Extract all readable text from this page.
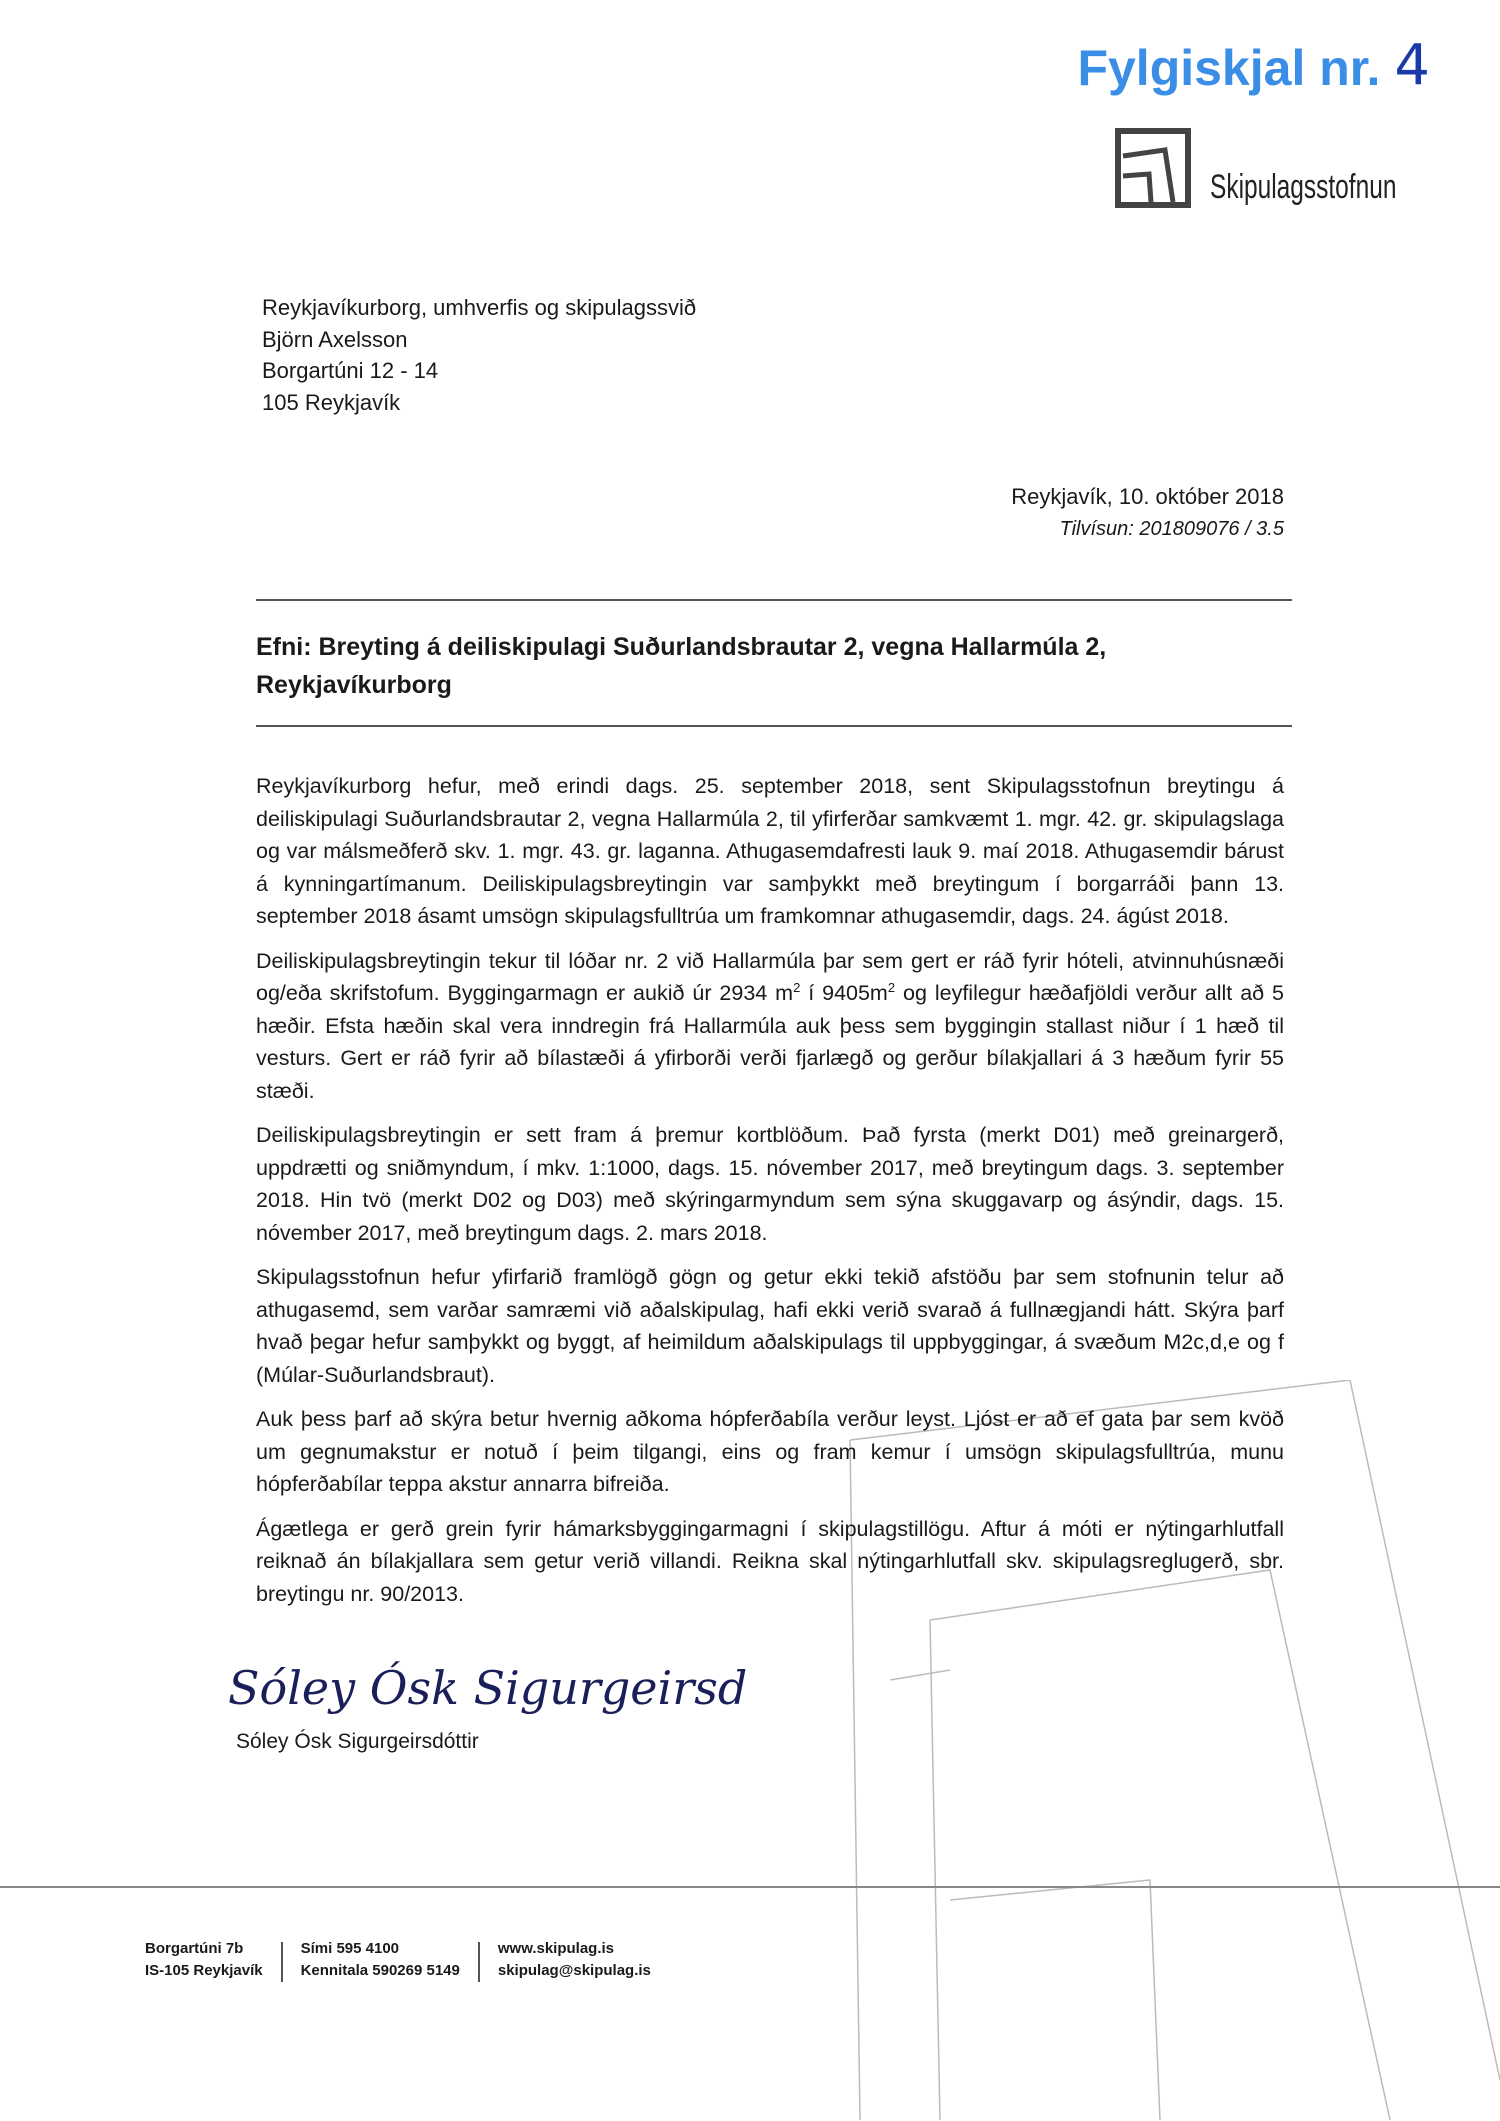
Fylgiskjal nr. 4
Skipulagsstofnun
Reykjavíkurborg, umhverfis og skipulagssvið
Björn Axelsson
Borgartúni 12 - 14
105 Reykjavík
Reykjavík, 10. október 2018
Tilvísun: 201809076 / 3.5
Efni: Breyting á deiliskipulagi Suðurlandsbrautar 2, vegna Hallarmúla 2, Reykjavíkurborg

Reykjavíkurborg hefur, með erindi dags. 25. september 2018, sent Skipulagsstofnun breytingu á deiliskipulagi Suðurlandsbrautar 2, vegna Hallarmúla 2, til yfirferðar samkvæmt 1. mgr. 42. gr. skipulagslaga og var málsmeðferð skv. 1. mgr. 43. gr. laganna. Athugasemdafresti lauk 9. maí 2018. Athugasemdir bárust á kynningartímanum. Deiliskipulagsbreytingin var samþykkt með breytingum í borgarráði þann 13. september 2018 ásamt umsögn skipulagsfulltrúa um framkomnar athugasemdir, dags. 24. ágúst 2018.

Deiliskipulagsbreytingin tekur til lóðar nr. 2 við Hallarmúla þar sem gert er ráð fyrir hóteli, atvinnuhúsnæði og/eða skrifstofum. Byggingarmagn er aukið úr 2934 $m^2$ í $9405m^2$ og leyfilegur hæðafjöldi verður allt að 5 hæðir. Efsta hæðin skal vera inndregin frá Hallarmúla auk þess sem byggingin stallast niður í 1 hæð til vesturs. Gert er ráð fyrir að bílastæði á yfirborði verði fjarlægð og gerður bílakjallari á 3 hæðum fyrir 55 stæði.

Deiliskipulagsbreytingin er sett fram á þremur kortblöðum. Það fyrsta (merkt D01) með greinargerð, uppdrætti og sniðmyndum, í mkv. 1:1000, dags. 15. nóvember 2017, með breytingum dags. 3. september 2018. Hin tvö (merkt D02 og D03) með skýringarmyndum sem sýna skuggavarp og ásýndir, dags. 15. nóvember 2017, með breytingum dags. 2. mars 2018.

Skipulagsstofnun hefur yfirfarið framlögð gögn og getur ekki tekið afstöðu þar sem stofnunin telur að athugasemd, sem varðar samræmi við aðalskipulag, hafi ekki verið svarað á fullnægjandi hátt. Skýra þarf hvað þegar hefur samþykkt og byggt, af heimildum aðalskipulags til uppbyggingar, á svæðum M2c,d,e og f (Múlar-Suðurlandsbraut).

Auk þess þarf að skýra betur hvernig aðkoma hópferðabíla verður leyst. Ljóst er að ef gata þar sem kvöð um gegnumakstur er notuð í þeim tilgangi, eins og fram kemur í umsögn skipulagsfulltrúa, munu hópferðabílar teppa akstur annarra bifreiða.

Ágætlega er gerð grein fyrir hámarksbyggingarmagni í skipulagstillögu. Aftur á móti er nýtingarhlutfall reiknað án bílakjallara sem getur verið villandi. Reikna skal nýtingarhlutfall skv. skipulagsreglugerð, sbr. breytingu nr. 90/2013.

Sóley Ósk Sigurgeirsd
Sóley Ósk Sigurgeirsdóttir
Borgartúni 7b
IS-105 Reykjavík
Sími 595 4100
Kennitala 590269 5149
www.skipulag.is
skipulag@skipulag.is
